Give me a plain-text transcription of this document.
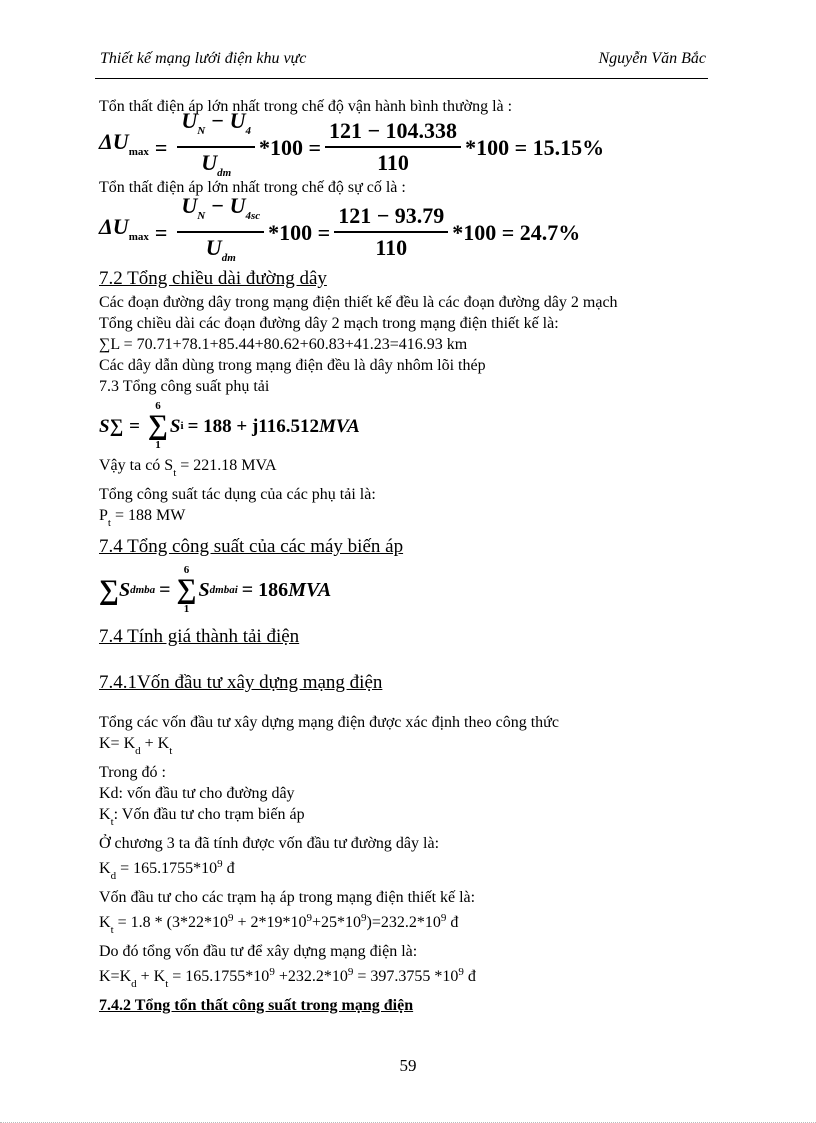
Thiết kế mạng lưới điện khu vực	Nguyễn Văn Bắc
Tổn thất điện áp lớn nhất trong chế độ vận hành bình thường là :
$\Delta U_{max} = \frac{U_N - U_4}{U_{dm}} *100 = \frac{121 - 104.338}{110} *100 = 15.15\%$
Tổn thất điện áp lớn nhất trong chế độ sự cố là :
$\Delta U_{max} = \frac{U_N - U_{4sc}}{U_{dm}} *100 = \frac{121 - 93.79}{110} *100 = 24.7\%$
7.2 Tổng chiều dài đường dây
Các đoạn đường dây trong mạng điện thiết kế đều là các đoạn đường dây 2 mạch
Tổng chiều dài các đoạn đường dây 2 mạch trong mạng điện thiết kế là:
∑L = 70.71+78.1+85.44+80.62+60.83+41.23=416.93 km
Các dây dẫn dùng trong mạng điện đều là dây nhôm lõi thép
7.3 Tổng công suất phụ tải
S∑ =
6
∑
1
S i = 188 + j116.512 MVA
Vậy ta có $S_t = 221.18$ MVA
Tổng công suất tác dụng của các phụ tải là:
$P_t = 188$ MW
7.4 Tổng công suất của các máy biến áp
∑ S dmba =
6
∑
1
S dmbai = 186 MVA
7.4 Tính giá thành tải điện
7.4.1Vốn đầu tư xây dựng mạng điện
Tổng các vốn đầu tư xây dựng mạng điện được xác định theo công thức
$K= K_d + K_t$
Trong đó :
Kd: vốn đầu tư cho đường dây
$K_t$: Vốn đầu tư cho trạm biến áp
Ở chương 3 ta đã tính được vốn đầu tư đường dây là:
$K_d = 165.1755*10^9$ đ
Vốn đầu tư cho các trạm hạ áp trong mạng điện thiết kế là:
$K_t = 1.8 * (3*22*10^9 + 2*19*10^9+25*10^9)=232.2*10^9$ đ
Do đó tổng vốn đầu tư để xây dựng mạng điện là:
$K=K_d + K_t = 165.1755*10^9 +232.2*10^9 = 397.3755$ $*10^9$ đ
7.4.2 Tổng tổn thất công suất trong mạng điện
59
